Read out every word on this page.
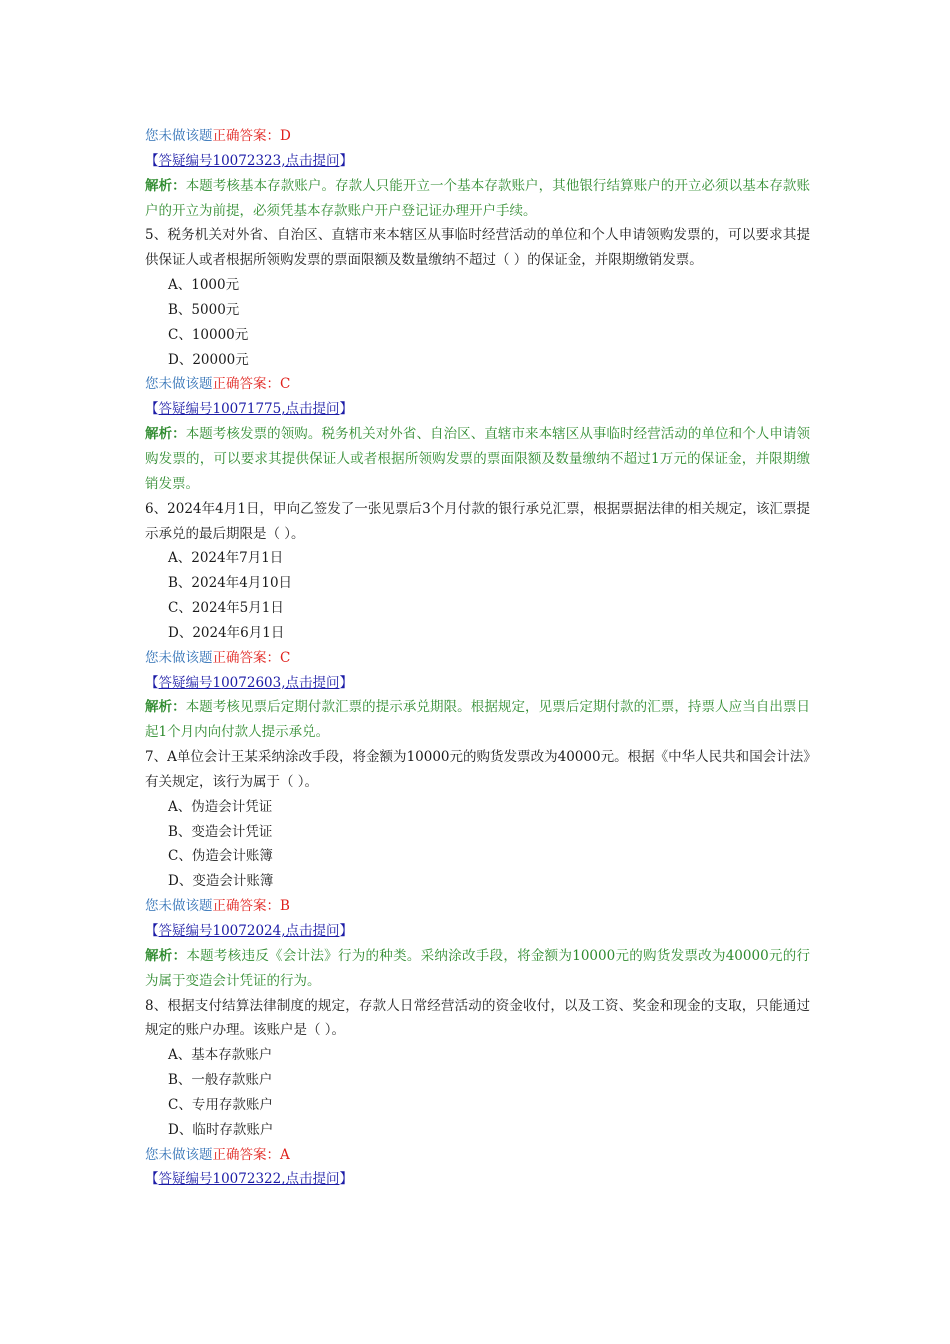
您未做该题正确答案：D
【答疑编号10072323,点击提问】
解析：本题考核基本存款账户。存款人只能开立一个基本存款账户，其他银行结算账户的开立必须以基本存款账户的开立为前提，必须凭基本存款账户开户登记证办理开户手续。
5、税务机关对外省、自治区、直辖市来本辖区从事临时经营活动的单位和个人申请领购发票的，可以要求其提供保证人或者根据所领购发票的票面限额及数量缴纳不超过（ ）的保证金，并限期缴销发票。
A、1000元
B、5000元
C、10000元
D、20000元
您未做该题正确答案：C
【答疑编号10071775,点击提问】
解析：本题考核发票的领购。税务机关对外省、自治区、直辖市来本辖区从事临时经营活动的单位和个人申请领购发票的，可以要求其提供保证人或者根据所领购发票的票面限额及数量缴纳不超过1万元的保证金，并限期缴销发票。
6、2024年4月1日，甲向乙签发了一张见票后3个月付款的银行承兑汇票，根据票据法律的相关规定，该汇票提示承兑的最后期限是（ ）。
A、2024年7月1日
B、2024年4月10日
C、2024年5月1日
D、2024年6月1日
您未做该题正确答案：C
【答疑编号10072603,点击提问】
解析：本题考核见票后定期付款汇票的提示承兑期限。根据规定，见票后定期付款的汇票，持票人应当自出票日起1个月内向付款人提示承兑。
7、A单位会计王某采纳涂改手段，将金额为10000元的购货发票改为40000元。根据《中华人民共和国会计法》有关规定，该行为属于（ ）。
A、伪造会计凭证
B、变造会计凭证
C、伪造会计账簿
D、变造会计账簿
您未做该题正确答案：B
【答疑编号10072024,点击提问】
解析：本题考核违反《会计法》行为的种类。采纳涂改手段，将金额为10000元的购货发票改为40000元的行为属于变造会计凭证的行为。
8、根据支付结算法律制度的规定，存款人日常经营活动的资金收付，以及工资、奖金和现金的支取，只能通过规定的账户办理。该账户是（ ）。
A、基本存款账户
B、一般存款账户
C、专用存款账户
D、临时存款账户
您未做该题正确答案：A
【答疑编号10072322,点击提问】
